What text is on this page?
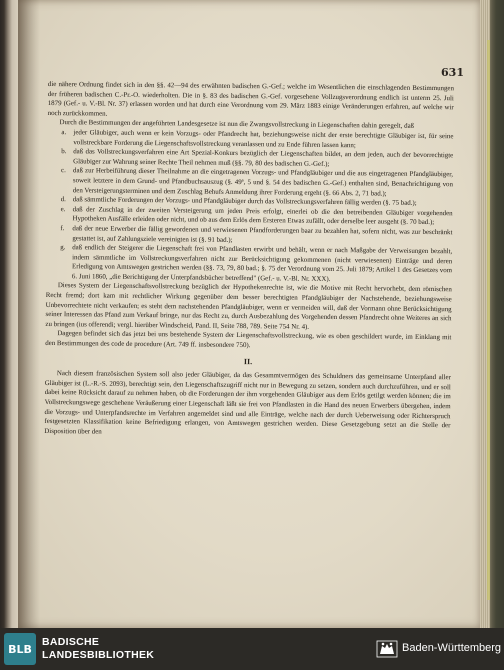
631

die nähere Ordnung findet sich in den §§. 42—94 des erwähnten badischen G.-Gef.; welche im Wesentlichen die einschlagenden Bestimmungen der früheren badischen C.-Pr.-O. wiederholten. Die in §. 83 des badischen G.-Gef. vorgesehene Vollzugsverordnung endlich ist unterm 25. Juli 1879 (Gef.- u. V.-Bl. Nr. 37) erlassen worden und hat durch eine Verordnung vom 29. März 1883 einige Veränderungen erfahren, auf welche wir noch zurückkommen.

Durch die Bestimmungen der angeführten Landesgesetze ist nun die Zwangsvollstreckung in Liegenschaften dahin geregelt, daß

a. jeder Gläubiger, auch wenn er kein Vorzugs- oder Pfandrecht hat, beziehungsweise nicht der erste berechtigte Gläubiger ist, für seine vollstreckbare Forderung die Liegenschaftsvollstreckung veranlassen und zu Ende führen lassen kann;
b. daß das Vollstreckungsverfahren eine Art Spezial-Konkurs bezüglich der Liegenschaften bildet, an dem jeden, auch der bevorrechtigte Gläubiger zur Wahrung seiner Rechte Theil nehmen muß (§§. 79, 80 des badischen G.-Gef.);
c. daß zur Herbeiführung dieser Theilnahme an die eingetragenen Vorzugs- und Pfandgläubiger und die aus eingetragenen Pfandgläubiger, soweit letztere in dem Grund- und Pfandbuchsauszug (§. 49ª, 5 und §. 54 des badischen G.-Gef.) enthalten sind, Benachrichtigung von den Versteigerungsterminen und dem Zuschlag Behufs Anmeldung ihrer Forderung ergeht (§. 66 Abs. 2, 71 bad.);
d. daß sämmtliche Forderungen der Vorzugs- und Pfandgläubiger durch das Vollstreckungsverfahren fällig werden (§. 75 bad.);
e. daß der Zuschlag in der zweiten Versteigerung um jeden Preis erfolgt, einerlei ob die den betreibenden Gläubiger vorgehenden Hypotheken Ausfälle erleiden oder nicht, und ob aus dem Erlös dem Ersteren Etwas zufällt, oder derselbe leer ausgeht (§. 70 bad.);
f. daß der neue Erwerber die fällig gewordenen und verwiesenen Pfandforderungen baar zu bezahlen hat, sofern nicht, was zur beschränkt gestattet ist, auf Zahlungsziele vereinigten ist (§. 91 bad.);
g. daß endlich der Steigerer die Liegenschaft frei von Pfandlasten erwirbt und behält, wenn er nach Maßgabe der Verweisungen bezahlt, indem sämmtliche im Vollstreckungsverfahren nicht zur Berücksichtigung gekommenen (nicht verwiesenen) Einträge und deren Erledigung von Amtswegen gestrichen werden (§§. 73, 79, 80 bad.; §. 75 der Verordnung vom 25. Juli 1879; Artikel 1 des Gesetzes vom 6. Juni 1860, „die Berichtigung der Unterpfandsbücher betreffend" (Gef.- u. V.-Bl. Nr. XXX).

Dieses System der Liegenschaftsvollstreckung bezüglich der Hypothekenrechte ist, wie die Motive mit Recht hervorhebt, dem römischen Recht fremd; dort kam mit rechtlicher Wirkung gegenüber dem besser berechtigten Pfandgläubiger der Nachstehende, beziehungsweise Unbevorrechtete nicht verkaufen; es steht dem nachstehenden Pfandgläubiger, wenn er vermeiden will, daß der Vormann ohne Berücksichtigung seiner Interessen das Pfand zum Verkauf bringe, nur das Recht zu, durch Ausbezahlung des Vorgehenden dessen Pfandrecht ohne Weiteres an sich zu bringen (ius offerendi; vergl. hierüber Windscheid, Pand. II, Seite 788, 789. Seite 754 Nr. 4).

Dagegen befindet sich das jetzt bei uns bestehende System der Liegenschaftsvollstreckung, wie es oben geschildert wurde, im Einklang mit den Bestimmungen des code de procedure (Art. 749 ff. insbesondere 750).

II.

Nach diesem französischen System soll also jeder Gläubiger, da das Gesammtvermögen des Schuldners das gemeinsame Unterpfand aller Gläubiger ist (L.-R.-S. 2093), berechtigt sein, den Liegenschaftszugriff nicht nur in Bewegung zu setzen, sondern auch durchzuführen, und er soll dabei keine Rücksicht darauf zu nehmen haben, ob die Forderungen der ihm vorgehenden Gläubiger aus dem Erlös getilgt werden können; die im Vollstreckungswege geschehene Veräußerung einer Liegenschaft läßt sie frei von Pfandlasten in die Hand des neuen Erwerbers übergehen, indem die Vorzugs- und Unterpfandsrechte im Verfahren angemeldet sind und alle Einträge, welche nach der durch Ueberweisung oder Richterspruch festgesetzten Klassifikation keine Befriedigung erlangen, von Amtswegen gestrichen werden. Diese Gesetzgebung setzt an die Stelle der Disposition über den

BLB
BADISCHE
LANDESBIBLIOTHEK
Baden-Württemberg
